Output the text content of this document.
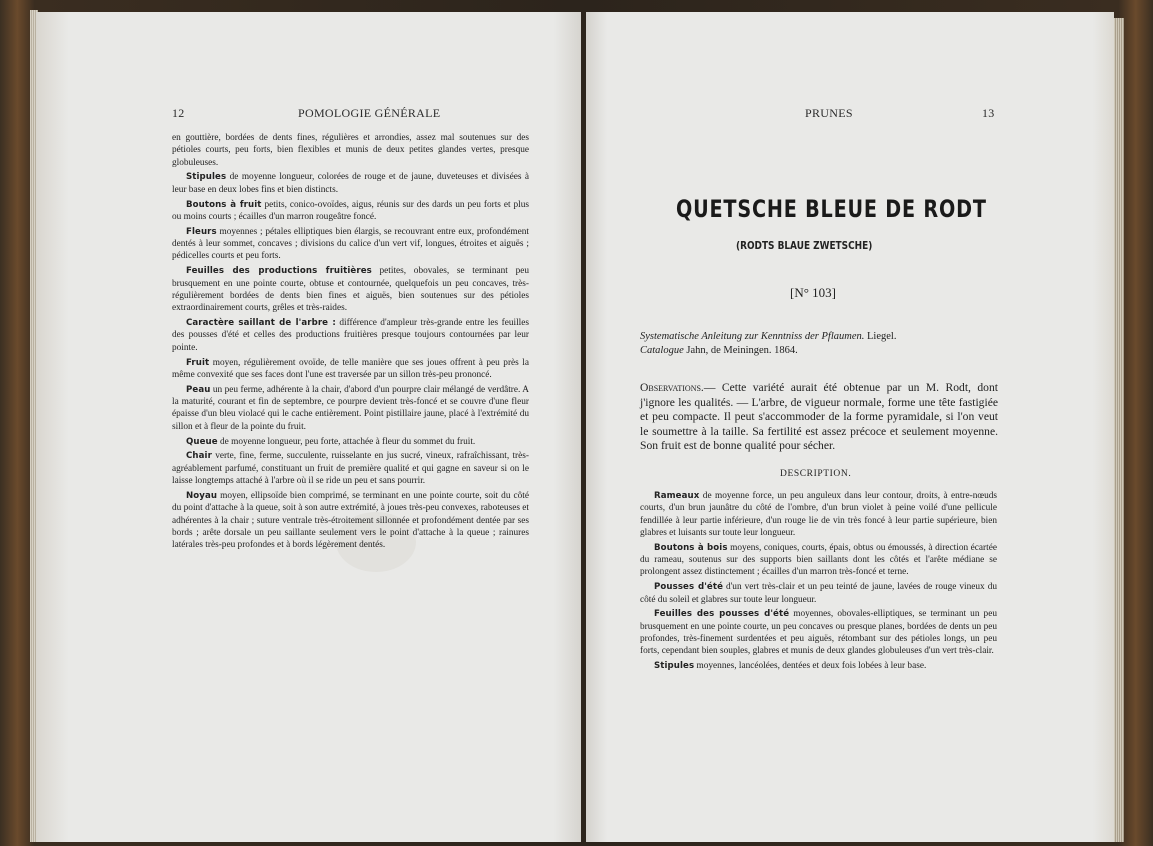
12	POMOLOGIE GÉNÉRALE

en gouttière, bordées de dents fines, régulières et arrondies, assez mal soutenues sur des pétioles courts, peu forts, bien flexibles et munis de deux petites glandes vertes, presque globuleuses.

Stipules de moyenne longueur, colorées de rouge et de jaune, duveteuses et divisées à leur base en deux lobes fins et bien distincts.

Boutons à fruit petits, conico-ovoïdes, aigus, réunis sur des dards un peu forts et plus ou moins courts ; écailles d'un marron rougeâtre foncé.

Fleurs moyennes ; pétales elliptiques bien élargis, se recouvrant entre eux, profondément dentés à leur sommet, concaves ; divisions du calice d'un vert vif, longues, étroites et aiguës ; pédicelles courts et peu forts.

Feuilles des productions fruitières petites, obovales, se terminant peu brusquement en une pointe courte, obtuse et contournée, quelquefois un peu concaves, très-régulièrement bordées de dents bien fines et aiguës, bien soutenues sur des pétioles extraordinairement courts, grêles et très-raides.

Caractère saillant de l'arbre : différence d'ampleur très-grande entre les feuilles des pousses d'été et celles des productions fruitières presque toujours contournées par leur pointe.

Fruit moyen, régulièrement ovoïde, de telle manière que ses joues offrent à peu près la même convexité que ses faces dont l'une est traversée par un sillon très-peu prononcé.

Peau un peu ferme, adhérente à la chair, d'abord d'un pourpre clair mélangé de verdâtre. A la maturité, courant et fin de septembre, ce pourpre devient très-foncé et se couvre d'une fleur épaisse d'un bleu violacé qui le cache entièrement. Point pistillaire jaune, placé à l'extrémité du sillon et à fleur de la pointe du fruit.

Queue de moyenne longueur, peu forte, attachée à fleur du sommet du fruit.

Chair verte, fine, ferme, succulente, ruisselante en jus sucré, vineux, rafraîchissant, très-agréablement parfumé, constituant un fruit de première qualité et qui gagne en saveur si on le laisse longtemps attaché à l'arbre où il se ride un peu et sans pourrir.

Noyau moyen, ellipsoïde bien comprimé, se terminant en une pointe courte, soit du côté du point d'attache à la queue, soit à son autre extrémité, à joues très-peu convexes, raboteuses et adhérentes à la chair ; suture ventrale très-étroitement sillonnée et profondément dentée par ses bords ; arête dorsale un peu saillante seulement vers le point d'attache à la queue ; rainures latérales très-peu profondes et à bords légèrement dentés.

PRUNES	13
QUETSCHE BLEUE DE RODT
(RODTS BLAUE ZWETSCHE)
[N° 103]
Systematische Anleitung zur Kenntniss der Pflaumen. Liegel.
Catalogue Jahn, de Meiningen. 1864.
Observations.— Cette variété aurait été obtenue par un M. Rodt, dont j'ignore les qualités. — L'arbre, de vigueur normale, forme une tête fastigiée et peu compacte. Il peut s'accommoder de la forme pyramidale, si l'on veut le soumettre à la taille. Sa fertilité est assez précoce et seulement moyenne. Son fruit est de bonne qualité pour sécher.
DESCRIPTION.

Rameaux de moyenne force, un peu anguleux dans leur contour, droits, à entre-nœuds courts, d'un brun jaunâtre du côté de l'ombre, d'un brun violet à peine voilé d'une pellicule fendillée à leur partie inférieure, d'un rouge lie de vin très foncé à leur partie supérieure, bien glabres et luisants sur toute leur longueur.

Boutons à bois moyens, coniques, courts, épais, obtus ou émoussés, à direction écartée du rameau, soutenus sur des supports bien saillants dont les côtés et l'arête médiane se prolongent assez distinctement ; écailles d'un marron très-foncé et terne.

Pousses d'été d'un vert très-clair et un peu teinté de jaune, lavées de rouge vineux du côté du soleil et glabres sur toute leur longueur.

Feuilles des pousses d'été moyennes, obovales-elliptiques, se terminant un peu brusquement en une pointe courte, un peu concaves ou presque planes, bordées de dents un peu profondes, très-finement surdentées et peu aiguës, rétombant sur des pétioles longs, un peu forts, cependant bien souples, glabres et munis de deux glandes globuleuses d'un vert très-clair.

Stipules moyennes, lancéolées, dentées et deux fois lobées à leur base.
